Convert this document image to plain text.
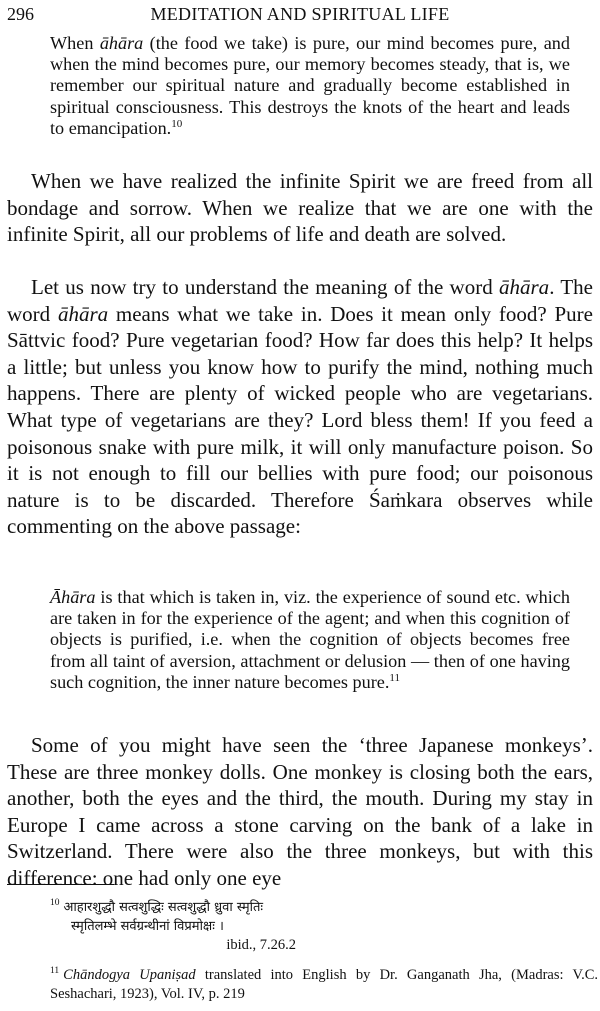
296	MEDITATION AND SPIRITUAL LIFE

When āhāra (the food we take) is pure, our mind becomes pure, and when the mind becomes pure, our memory becomes steady, that is, we remember our spiritual nature and gradually become established in spiritual consciousness. This destroys the knots of the heart and leads to emancipation.$^{10}$

When we have realized the infinite Spirit we are freed from all bondage and sorrow. When we realize that we are one with the infinite Spirit, all our problems of life and death are solved.

Let us now try to understand the meaning of the word āhāra. The word āhāra means what we take in. Does it mean only food? Pure Sāttvic food? Pure vegetarian food? How far does this help? It helps a little; but unless you know how to purify the mind, nothing much happens. There are plenty of wicked people who are vegetarians. What type of vegetarians are they? Lord bless them! If you feed a poisonous snake with pure milk, it will only manufacture poison. So it is not enough to fill our bellies with pure food; our poisonous nature is to be discarded. Therefore Śaṁkara observes while commenting on the above passage:

Āhāra is that which is taken in, viz. the experience of sound etc. which are taken in for the experience of the agent; and when this cognition of objects is purified, i.e. when the cognition of objects becomes free from all taint of aversion, attachment or delusion — then of one having such cognition, the inner nature becomes pure.$^{11}$

Some of you might have seen the ‘three Japanese monkeys’. These are three monkey dolls. One monkey is closing both the ears, another, both the eyes and the third, the mouth. During my stay in Europe I came across a stone carving on the bank of a lake in Switzerland. There were also the three monkeys, but with this difference: one had only one eye

$^{10}$ आहारशुद्धौ सत्वशुद्धिः सत्वशुद्धौ ध्रुवा स्मृतिः
स्मृतिलम्भे सर्वग्रन्थीनां विप्रमोक्षः ।
ibid., 7.26.2
$^{11}$ Chāndogya Upaniṣad translated into English by Dr. Ganganath Jha, (Madras: V.C. Seshachari, 1923), Vol. IV, p. 219
